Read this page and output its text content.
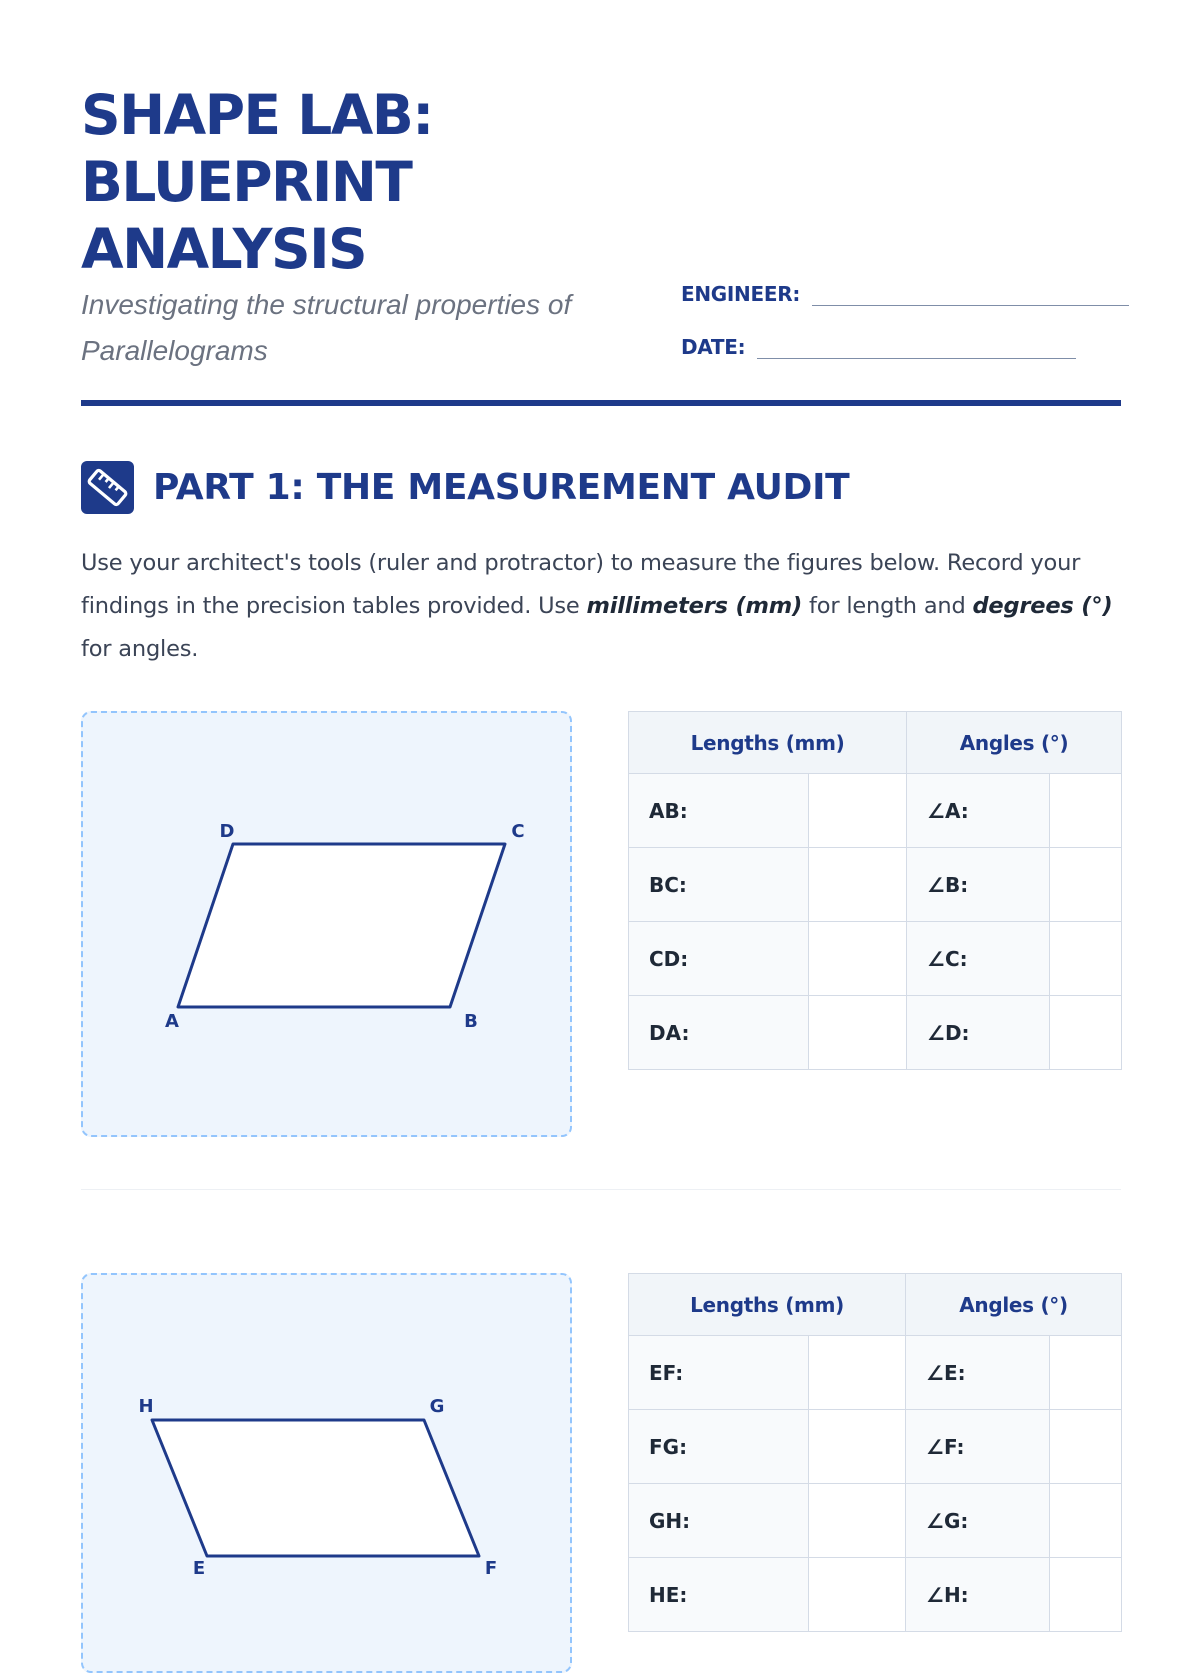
SHAPE LAB: BLUEPRINT ANALYSIS

Investigating the structural properties of Parallelograms

ENGINEER:
DATE:
PART 1: THE MEASUREMENT AUDIT

Use your architect's tools (ruler and protractor) to measure the figures below. Record your findings in the precision tables provided. Use millimeters (mm) for length and degrees (°) for angles.

A	B
C
D
Lengths (mm)		Angles (°)	
AB:		∠A:	
BC:		∠B:	
CD:		∠C:	
DA:		∠D:	
E	F
G
H
Lengths (mm)		Angles (°)	
EF:		∠E:	
FG:		∠F:	
GH:		∠G:	
HE:		∠H:	
